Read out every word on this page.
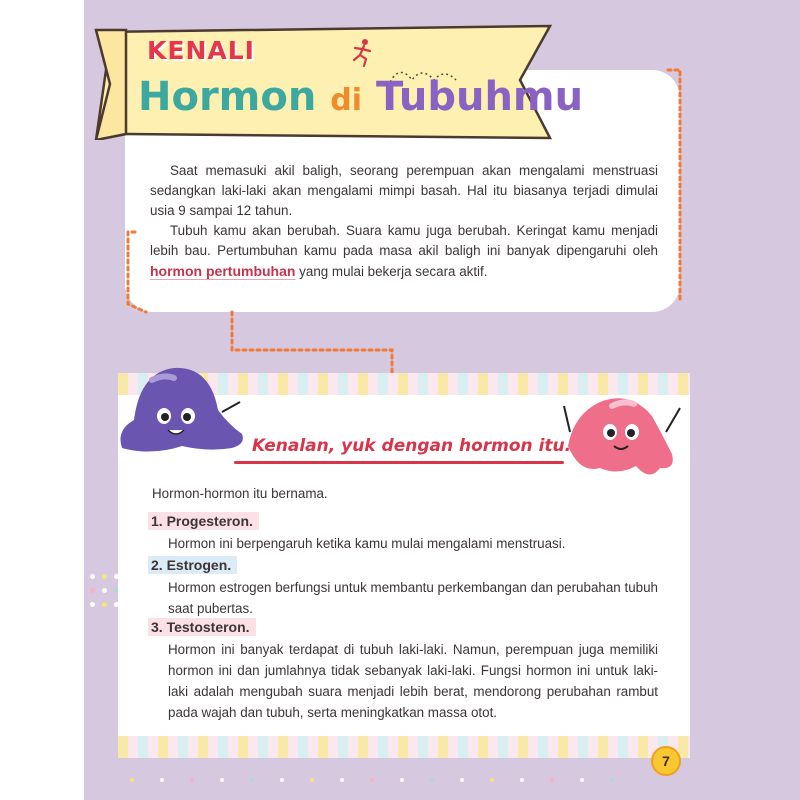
KENALI
Hormon di Tubuhmu

Saat memasuki akil baligh, seorang perempuan akan mengalami menstruasi sedangkan laki-laki akan mengalami mimpi basah. Hal itu biasanya terjadi dimulai usia 9 sampai 12 tahun.

Tubuh kamu akan berubah. Suara kamu juga berubah. Keringat kamu menjadi lebih bau. Pertumbuhan kamu pada masa akil baligh ini banyak dipengaruhi oleh hormon pertumbuhan yang mulai bekerja secara aktif.

Kenalan, yuk dengan hormon itu.
Hormon-hormon itu bernama.
1. Progesteron.
Hormon ini berpengaruh ketika kamu mulai mengalami menstruasi.
2. Estrogen.
Hormon estrogen berfungsi untuk membantu perkembangan dan perubahan tubuh saat pubertas.
3. Testosteron.
Hormon ini banyak terdapat di tubuh laki-laki. Namun, perempuan juga memiliki hormon ini dan jumlahnya tidak sebanyak laki-laki. Fungsi hormon ini untuk laki-laki adalah mengubah suara menjadi lebih berat, mendorong perubahan rambut pada wajah dan tubuh, serta meningkatkan massa otot.
7
